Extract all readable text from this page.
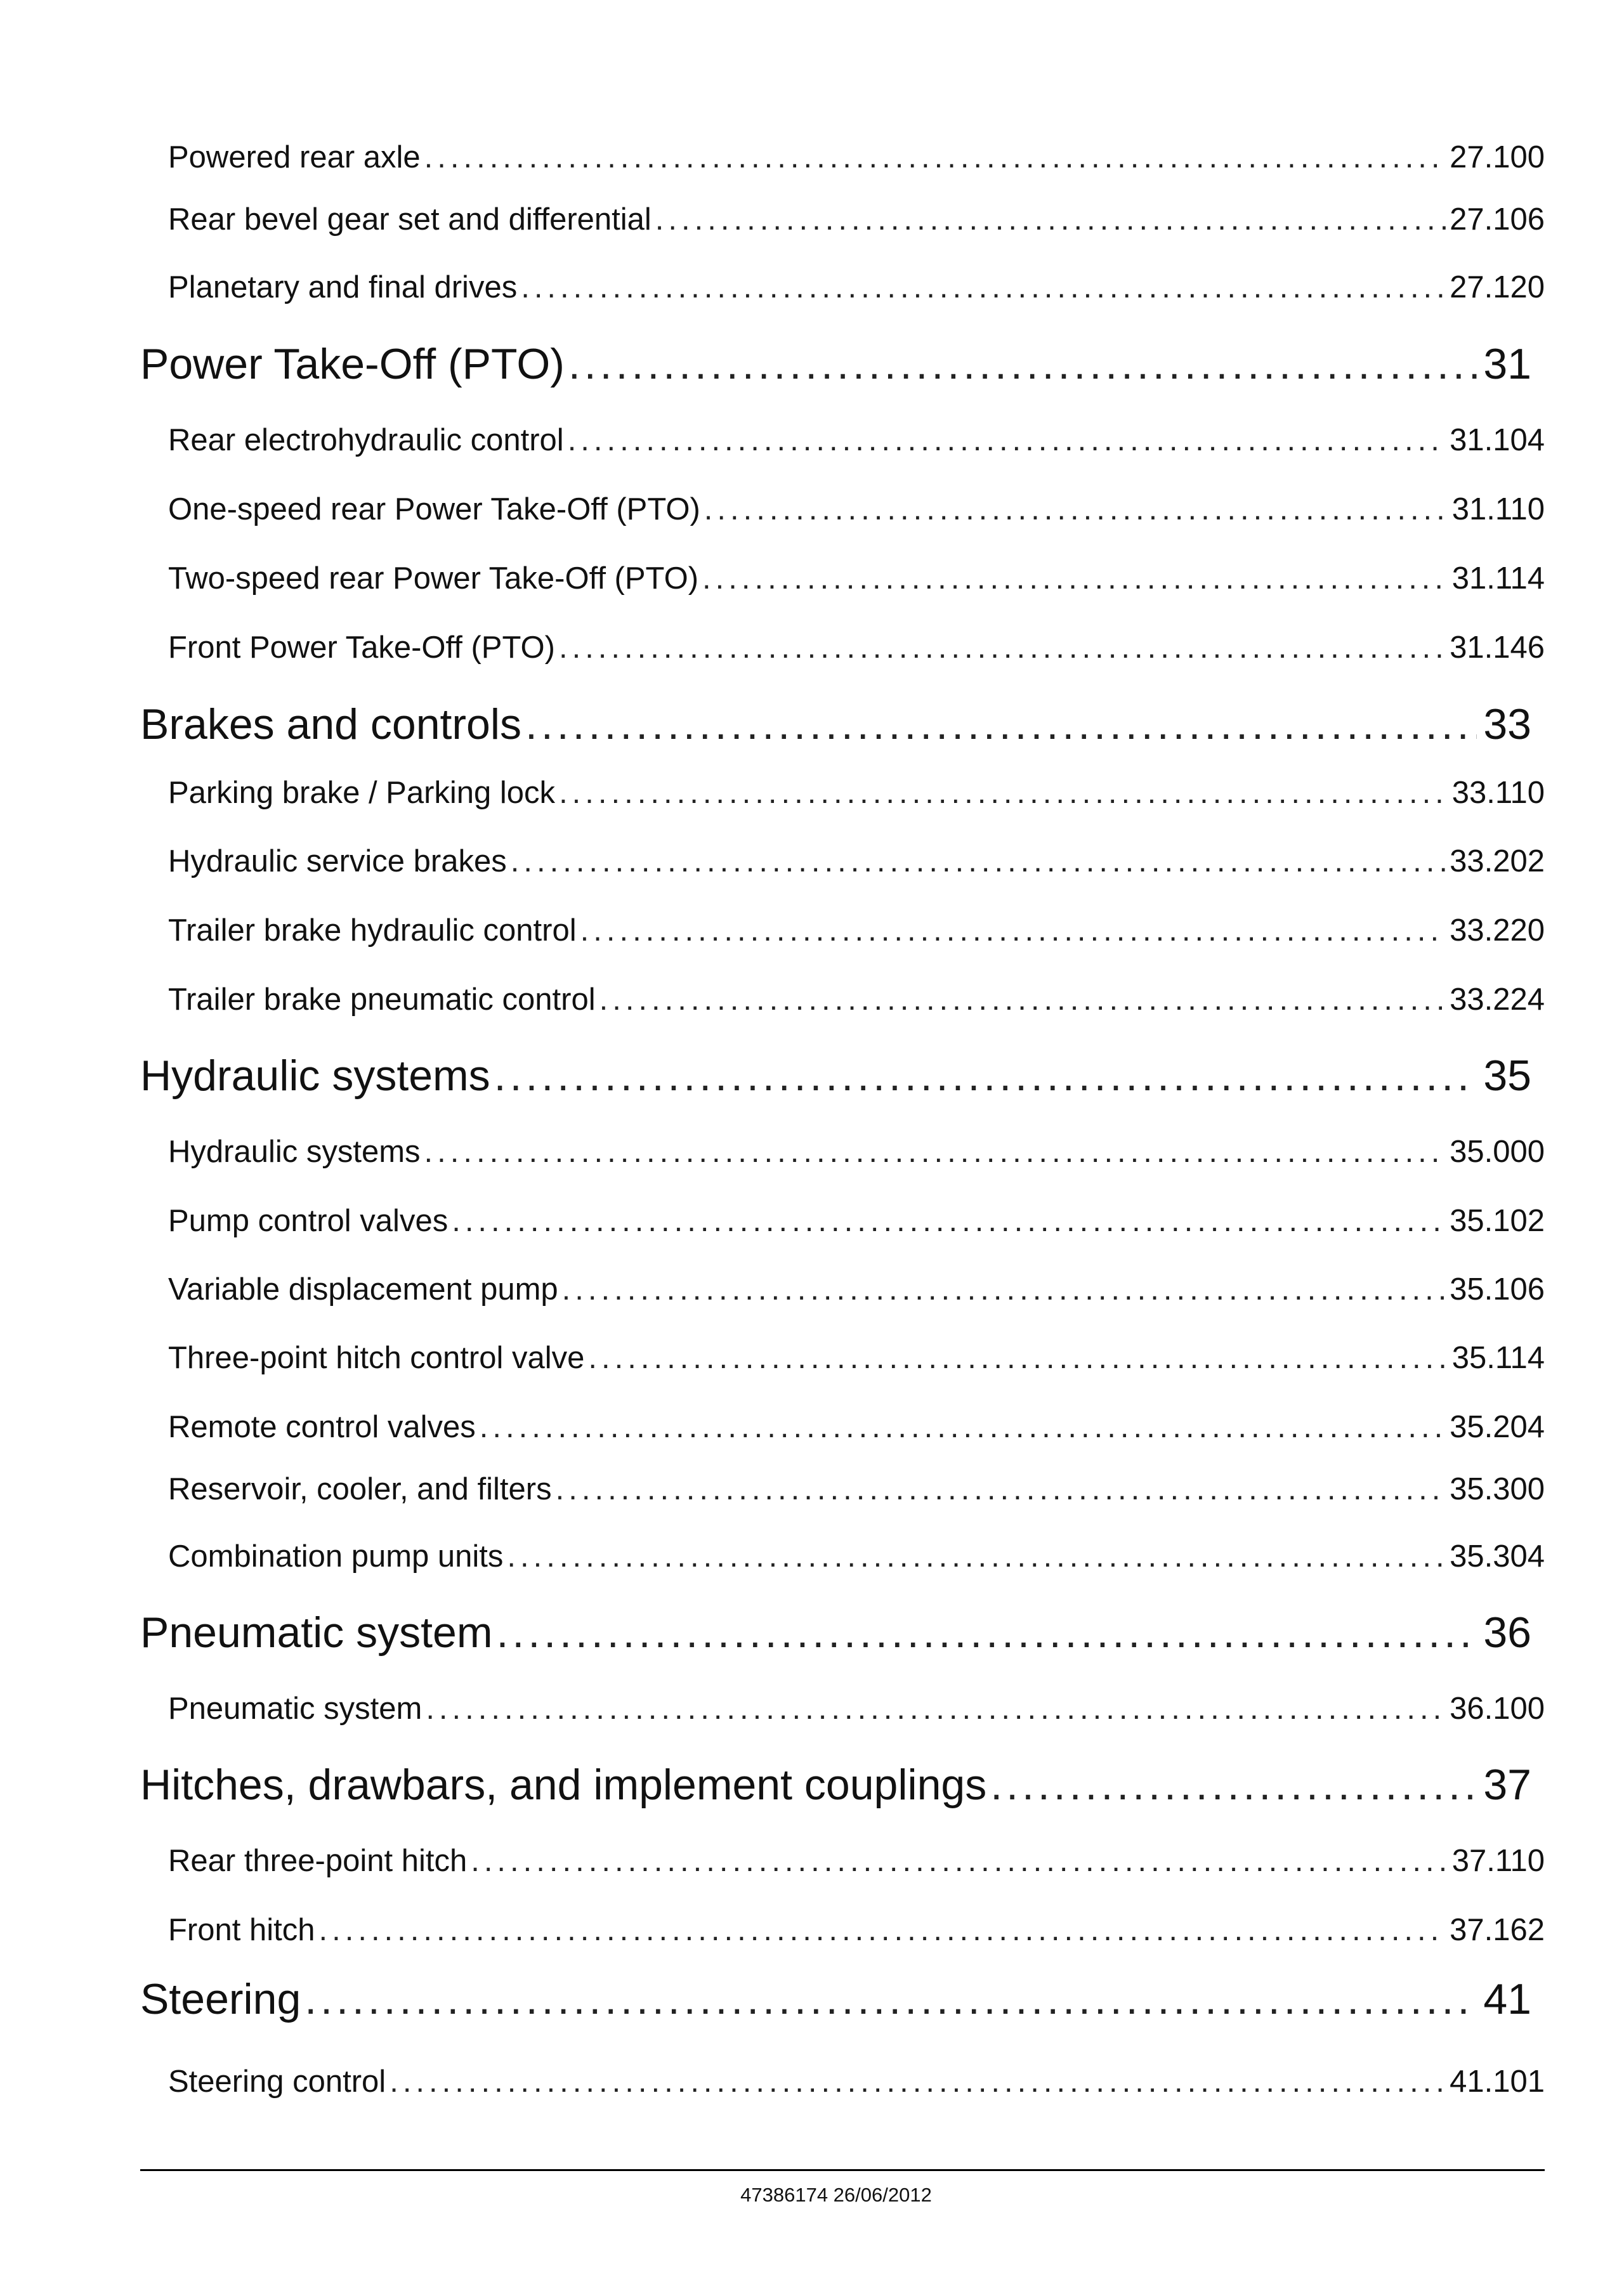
Powered rear axle .....	27.100
Rear bevel gear set and differential .....	27.106
Planetary and final drives .....	27.120
Power Take-Off (PTO) .....	31
Rear electrohydraulic control .....	31.104
One-speed rear Power Take-Off (PTO) .....	31.110
Two-speed rear Power Take-Off (PTO) .....	31.114
Front Power Take-Off (PTO) .....	31.146
Brakes and controls .....	33
Parking brake / Parking lock .....	33.110
Hydraulic service brakes .....	33.202
Trailer brake hydraulic control .....	33.220
Trailer brake pneumatic control .....	33.224
Hydraulic systems .....	35
Hydraulic systems .....	35.000
Pump control valves .....	35.102
Variable displacement pump .....	35.106
Three-point hitch control valve .....	35.114
Remote control valves .....	35.204
Reservoir, cooler, and filters .....	35.300
Combination pump units .....	35.304
Pneumatic system .....	36
Pneumatic system .....	36.100
Hitches, drawbars, and implement couplings .....	37
Rear three-point hitch .....	37.110
Front hitch .....	37.162
Steering .....	41
Steering control .....	41.101
47386174 26/06/2012
